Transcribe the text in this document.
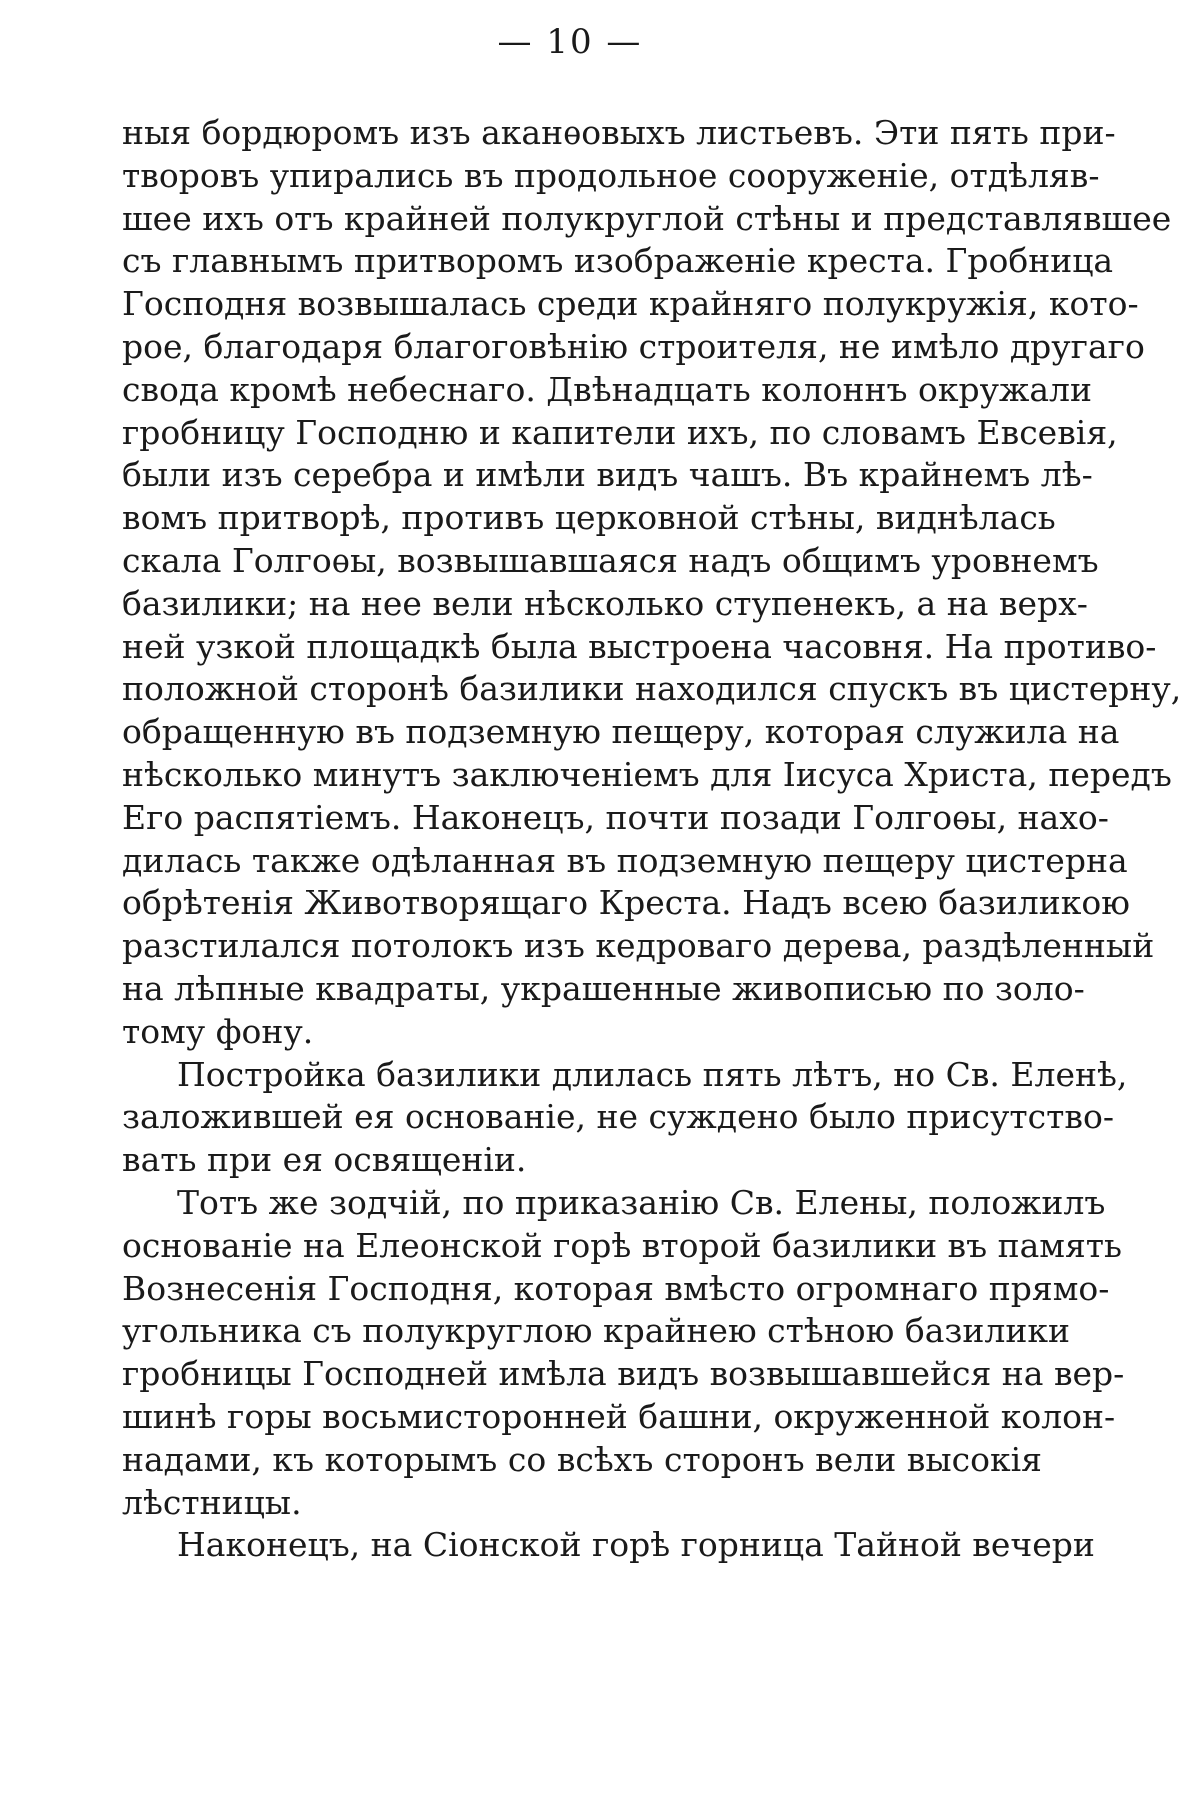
— 10 —
ныя бордюромъ изъ аканѳовыхъ листьевъ. Эти пять при-
творовъ упирались въ продольное сооруженіе, отдѣляв-
шее ихъ отъ крайней полукруглой стѣны и представлявшее
съ главнымъ притворомъ изображеніе креста. Гробница
Господня возвышалась среди крайняго полукружія, кото-
рое, благодаря благоговѣнію строителя, не имѣло другаго
свода кромѣ небеснаго. Двѣнадцать колоннъ окружали
гробницу Господню и капители ихъ, по словамъ Евсевія,
были изъ серебра и имѣли видъ чашъ. Въ крайнемъ лѣ-
вомъ притворѣ, противъ церковной стѣны, виднѣлась
скала Голгоѳы, возвышавшаяся надъ общимъ уровнемъ
базилики; на нее вели нѣсколько ступенекъ, а на верх-
ней узкой площадкѣ была выстроена часовня. На противо-
положной сторонѣ базилики находился спускъ въ цистерну,
обращенную въ подземную пещеру, которая служила на
нѣсколько минутъ заключеніемъ для Іисуса Христа, передъ
Его распятіемъ. Наконецъ, почти позади Голгоѳы, нахо-
дилась также одѣланная въ подземную пещеру цистерна
обрѣтенія Животворящаго Креста. Надъ всею базиликою
разстилался потолокъ изъ кедроваго дерева, раздѣленный
на лѣпные квадраты, украшенные живописью по золо-
тому фону.
Постройка базилики длилась пять лѣтъ, но Св. Еленѣ,
заложившей ея основаніе, не суждено было присутство-
вать при ея освященіи.
Тотъ же зодчій, по приказанію Св. Елены, положилъ
основаніе на Елеонской горѣ второй базилики въ память
Вознесенія Господня, которая вмѣсто огромнаго прямо-
угольника съ полукруглою крайнею стѣною базилики
гробницы Господней имѣла видъ возвышавшейся на вер-
шинѣ горы восьмисторонней башни, окруженной колон-
надами, къ которымъ со всѣхъ сторонъ вели высокія
лѣстницы.
Наконецъ, на Сіонской горѣ горница Тайной вечери
